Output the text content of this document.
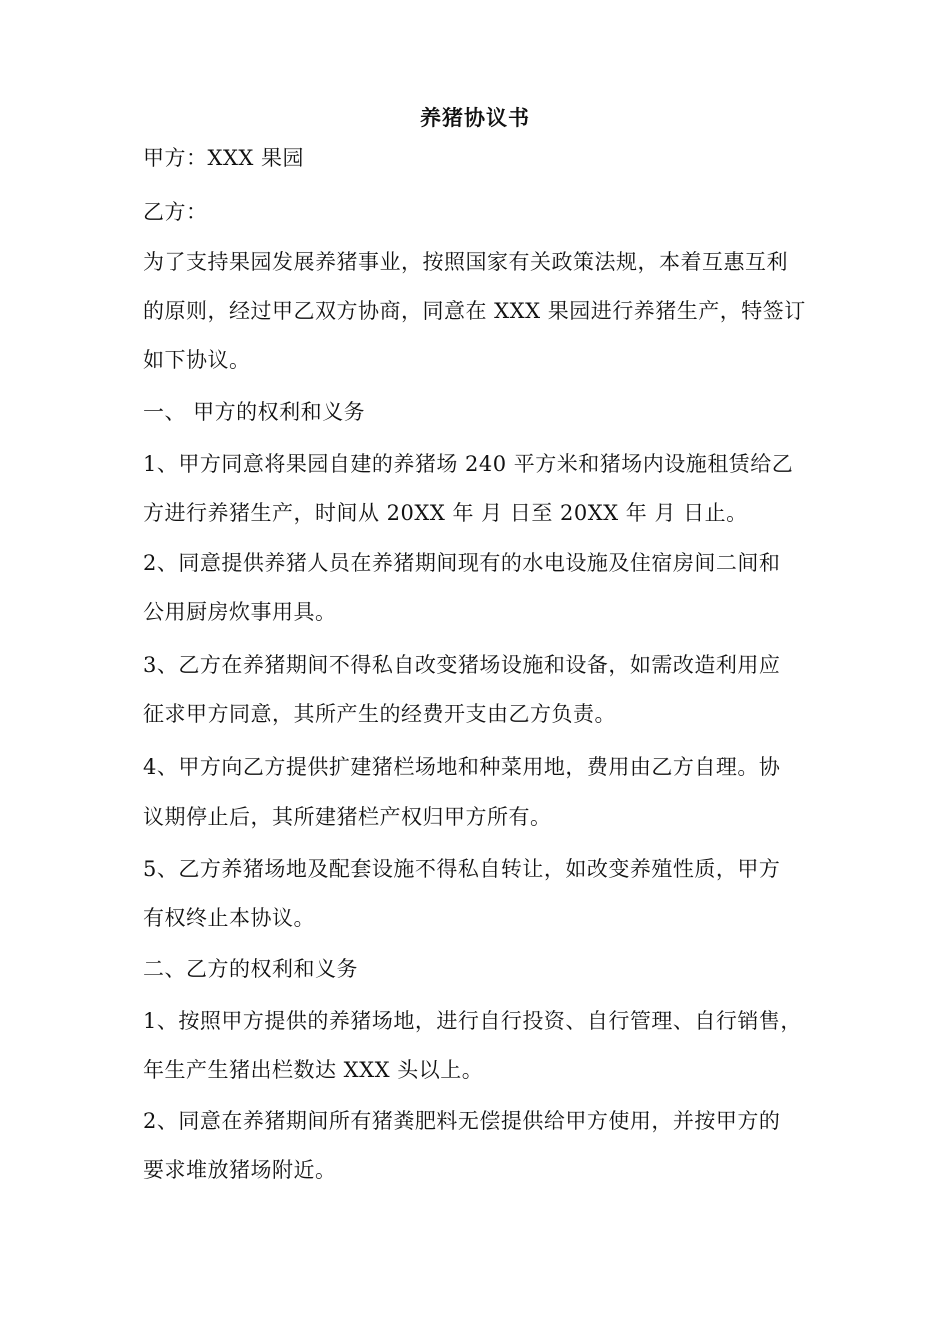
养猪协议书
甲方：XXX 果园
乙方：
为了支持果园发展养猪事业，按照国家有关政策法规，本着互惠互利
的原则，经过甲乙双方协商，同意在 XXX 果园进行养猪生产，特签订
如下协议。
一、 甲方的权利和义务
1、甲方同意将果园自建的养猪场 240 平方米和猪场内设施租赁给乙
方进行养猪生产，时间从 20XX 年 月 日至 20XX 年 月 日止。
2、同意提供养猪人员在养猪期间现有的水电设施及住宿房间二间和
公用厨房炊事用具。
3、乙方在养猪期间不得私自改变猪场设施和设备，如需改造利用应
征求甲方同意，其所产生的经费开支由乙方负责。
4、甲方向乙方提供扩建猪栏场地和种菜用地，费用由乙方自理。协
议期停止后，其所建猪栏产权归甲方所有。
5、乙方养猪场地及配套设施不得私自转让，如改变养殖性质，甲方
有权终止本协议。
二、乙方的权利和义务
1、按照甲方提供的养猪场地，进行自行投资、自行管理、自行销售，
年生产生猪出栏数达 XXX 头以上。
2、同意在养猪期间所有猪粪肥料无偿提供给甲方使用，并按甲方的
要求堆放猪场附近。
